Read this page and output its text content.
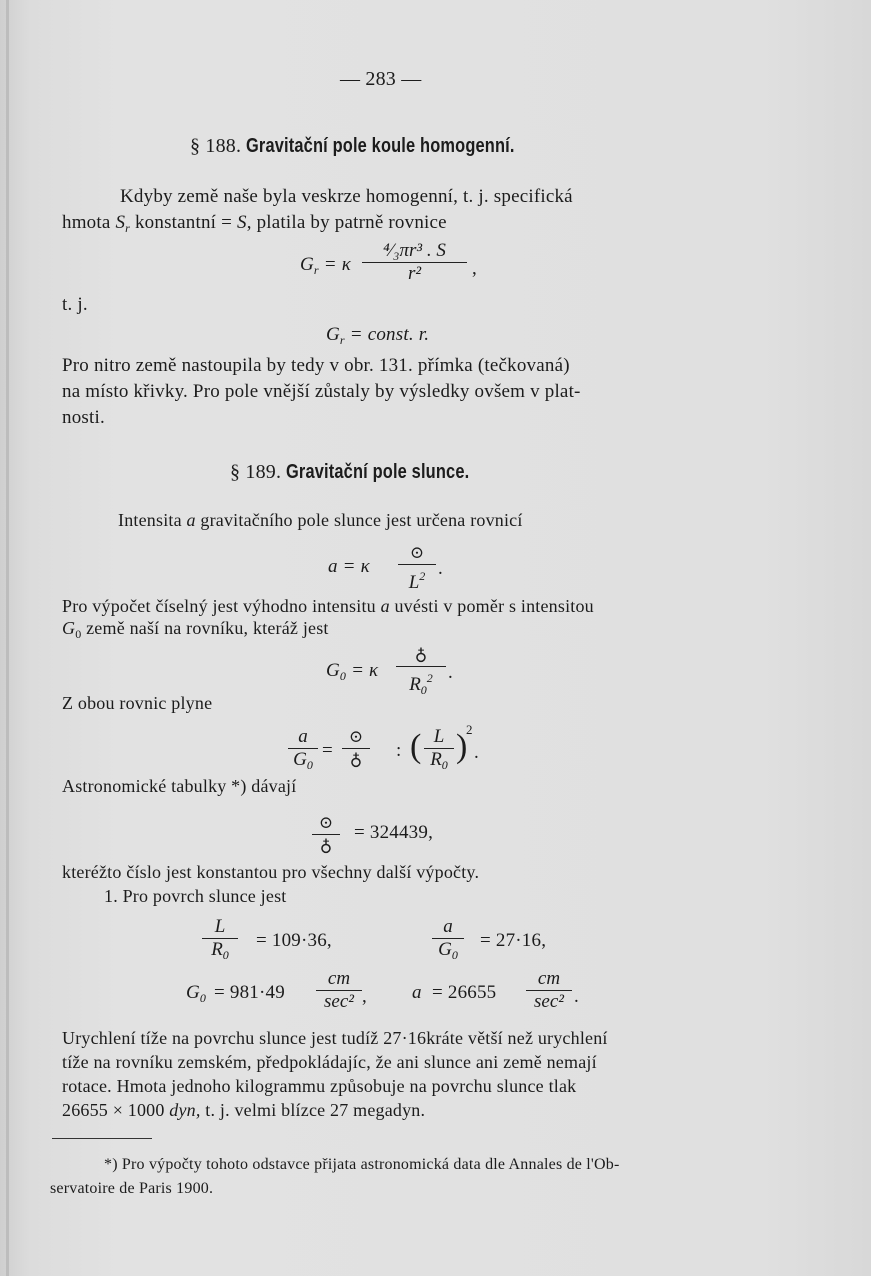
— 283 —
§ 188. Gravitační pole koule homogenní.
Kdyby země naše byla veskrze homogenní, t. j. specifická
hmota $S_r$ konstantní = S, platila by patrně rovnice
$G_r = \kappa \frac{\text{⁴⁄₃πr³ . S}}{\text{r²}}$ ,
t. j.
$G_r$ = const. r.
Pro nitro země nastoupila by tedy v obr. 131. přímka (tečkovaná)
na místo křivky. Pro pole vnější zůstaly by výsledky ovšem v plat-
nosti.
§ 189. Gravitační pole slunce.
Intensita a gravitačního pole slunce jest určena rovnicí
a = κ
⊙
$L^2$ .
Pro výpočet číselný jest výhodno intensitu a uvésti v poměr s intensitou
$G_0$ země naší na rovníku, kteráž jest
$G_0 = \kappa$
♁
$R_0^2$ .
Z obou rovnic plyne
$\frac{a}{G_0}$ =
⊙
♁	: ( $\frac{L}{R_0}$ )
2
.
Astronomické tabulky *) dávají
⊙
♁
= 324439,
kteréžto číslo jest konstantou pro všechny další výpočty.
1. Pro povrch slunce jest
$\frac{L}{R_0} = 109\cdot 36$,	$\frac{a}{G_0} = 27\cdot 16$,
$G_0 = 981\cdot 49$
cm
sec² , a = 26655
cm
sec² .
Urychlení tíže na povrchu slunce jest tudíž 27·16kráte větší než urychlení
tíže na rovníku zemském, předpokládajíc, že ani slunce ani země nemají
rotace. Hmota jednoho kilogrammu způsobuje na povrchu slunce tlak
26655 × 1000 dyn, t. j. velmi blízce 27 megadyn.
*) Pro výpočty tohoto odstavce přijata astronomická data dle Annales de l'Ob-
servatoire de Paris 1900.
